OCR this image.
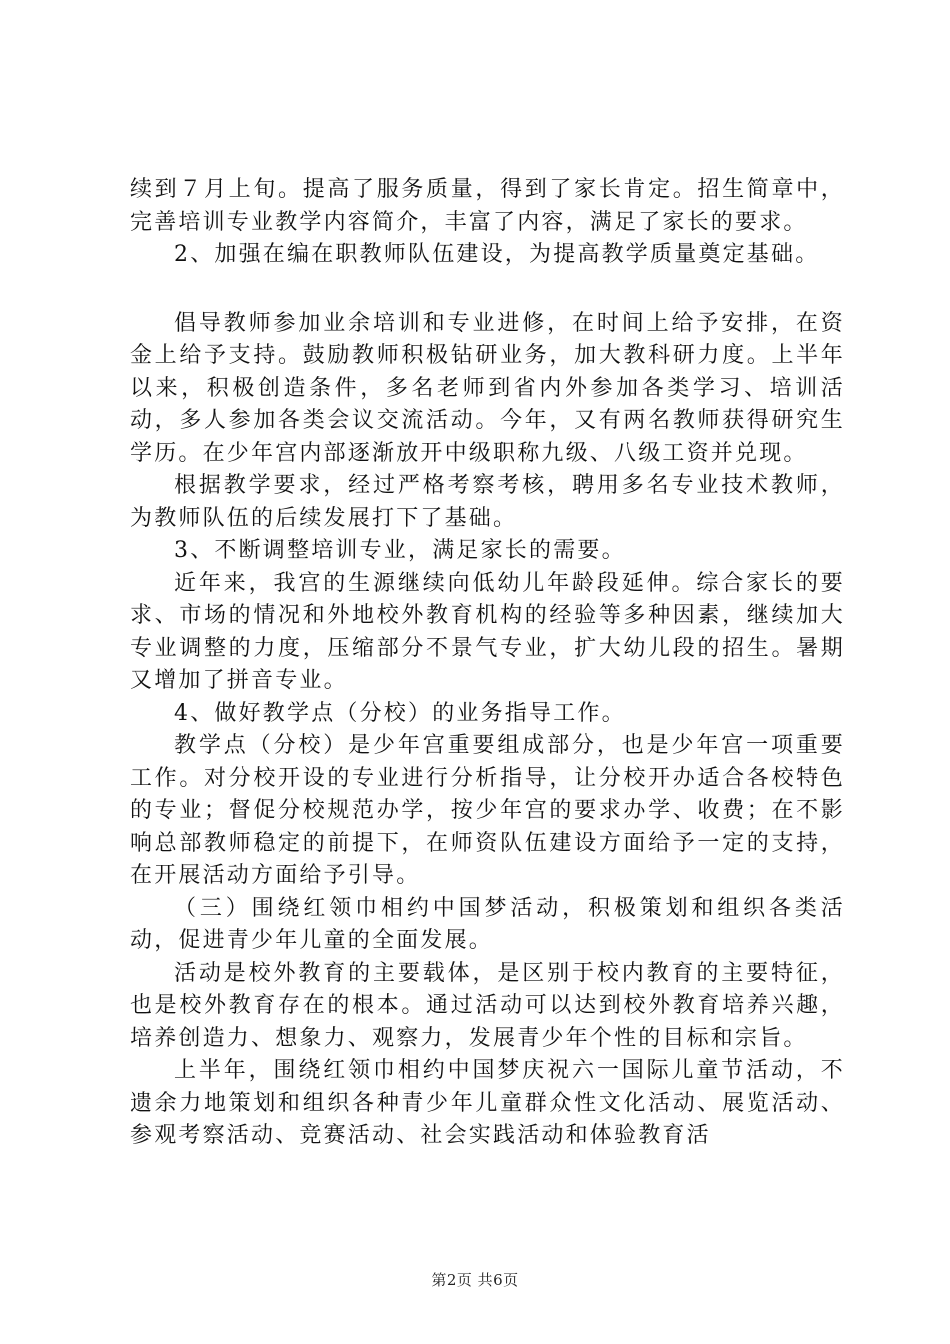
续到７月上旬。提高了服务质量，得到了家长肯定。招生简章中，完善培训专业教学内容简介，丰富了内容，满足了家长的要求。

2、加强在编在职教师队伍建设，为提高教学质量奠定基础。

倡导教师参加业余培训和专业进修，在时间上给予安排，在资金上给予支持。鼓励教师积极钻研业务，加大教科研力度。上半年以来，积极创造条件，多名老师到省内外参加各类学习、培训活动，多人参加各类会议交流活动。今年，又有两名教师获得研究生学历。在少年宫内部逐渐放开中级职称九级、八级工资并兑现。

根据教学要求，经过严格考察考核，聘用多名专业技术教师，为教师队伍的后续发展打下了基础。

3、不断调整培训专业，满足家长的需要。

近年来，我宫的生源继续向低幼儿年龄段延伸。综合家长的要求、市场的情况和外地校外教育机构的经验等多种因素，继续加大专业调整的力度，压缩部分不景气专业，扩大幼儿段的招生。暑期又增加了拼音专业。

4、做好教学点（分校）的业务指导工作。

教学点（分校）是少年宫重要组成部分，也是少年宫一项重要工作。对分校开设的专业进行分析指导，让分校开办适合各校特色的专业；督促分校规范办学，按少年宫的要求办学、收费；在不影响总部教师稳定的前提下，在师资队伍建设方面给予一定的支持，在开展活动方面给予引导。

（三）围绕红领巾相约中国梦活动，积极策划和组织各类活动，促进青少年儿童的全面发展。

活动是校外教育的主要载体，是区别于校内教育的主要特征，也是校外教育存在的根本。通过活动可以达到校外教育培养兴趣，培养创造力、想象力、观察力，发展青少年个性的目标和宗旨。

上半年，围绕红领巾相约中国梦庆祝六一国际儿童节活动，不遗余力地策划和组织各种青少年儿童群众性文化活动、展览活动、参观考察活动、竞赛活动、社会实践活动和体验教育活

第2页 共6页
